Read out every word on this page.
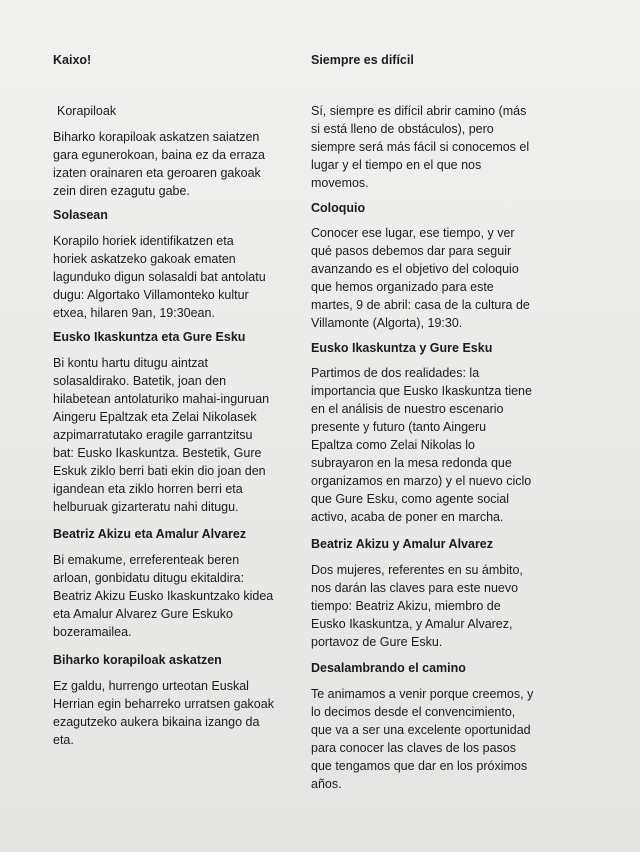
Kaixo!
Korapiloak
Biharko korapiloak askatzen saiatzen
gara egunerokoan, baina ez da erraza
izaten orainaren eta geroaren gakoak
zein diren ezagutu gabe.
Solasean
Korapilo horiek identifikatzen eta
horiek askatzeko gakoak ematen
lagunduko digun solasaldi bat antolatu
dugu: Algortako Villamonteko kultur
etxea, hilaren 9an, 19:30ean.
Eusko Ikaskuntza eta Gure Esku
Bi kontu hartu ditugu aintzat
solasaldirako. Batetik, joan den
hilabetean antolaturiko mahai-inguruan
Aingeru Epaltzak eta Zelai Nikolasek
azpimarratutako eragile garrantzitsu
bat: Eusko Ikaskuntza. Bestetik, Gure
Eskuk ziklo berri bati ekin dio joan den
igandean eta ziklo horren berri eta
helburuak gizarteratu nahi ditugu.
Beatriz Akizu eta Amalur Alvarez
Bi emakume, erreferenteak beren
arloan, gonbidatu ditugu ekitaldira:
Beatriz Akizu Eusko Ikaskuntzako kidea
eta Amalur Alvarez Gure Eskuko
bozeramailea.
Biharko korapiloak askatzen
Ez galdu, hurrengo urteotan Euskal
Herrian egin beharreko urratsen gakoak
ezagutzeko aukera bikaina izango da
eta.
Siempre es difícil
Sí, siempre es difícil abrir camino (más
si está lleno de obstáculos), pero
siempre será más fácil si conocemos el
lugar y el tiempo en el que nos
movemos.
Coloquio
Conocer ese lugar, ese tiempo, y ver
qué pasos debemos dar para seguir
avanzando es el objetivo del coloquio
que hemos organizado para este
martes, 9 de abril: casa de la cultura de
Villamonte (Algorta), 19:30.
Eusko Ikaskuntza y Gure Esku
Partimos de dos realidades: la
importancia que Eusko Ikaskuntza tiene
en el análisis de nuestro escenario
presente y futuro (tanto Aingeru
Epaltza como Zelai Nikolas lo
subrayaron en la mesa redonda que
organizamos en marzo) y el nuevo ciclo
que Gure Esku, como agente social
activo, acaba de poner en marcha.
Beatriz Akizu y Amalur Alvarez
Dos mujeres, referentes en su ámbito,
nos darán las claves para este nuevo
tiempo: Beatriz Akizu, miembro de
Eusko Ikaskuntza, y Amalur Alvarez,
portavoz de Gure Esku.
Desalambrando el camino
Te animamos a venir porque creemos, y
lo decimos desde el convencimiento,
que va a ser una excelente oportunidad
para conocer las claves de los pasos
que tengamos que dar en los próximos
años.
